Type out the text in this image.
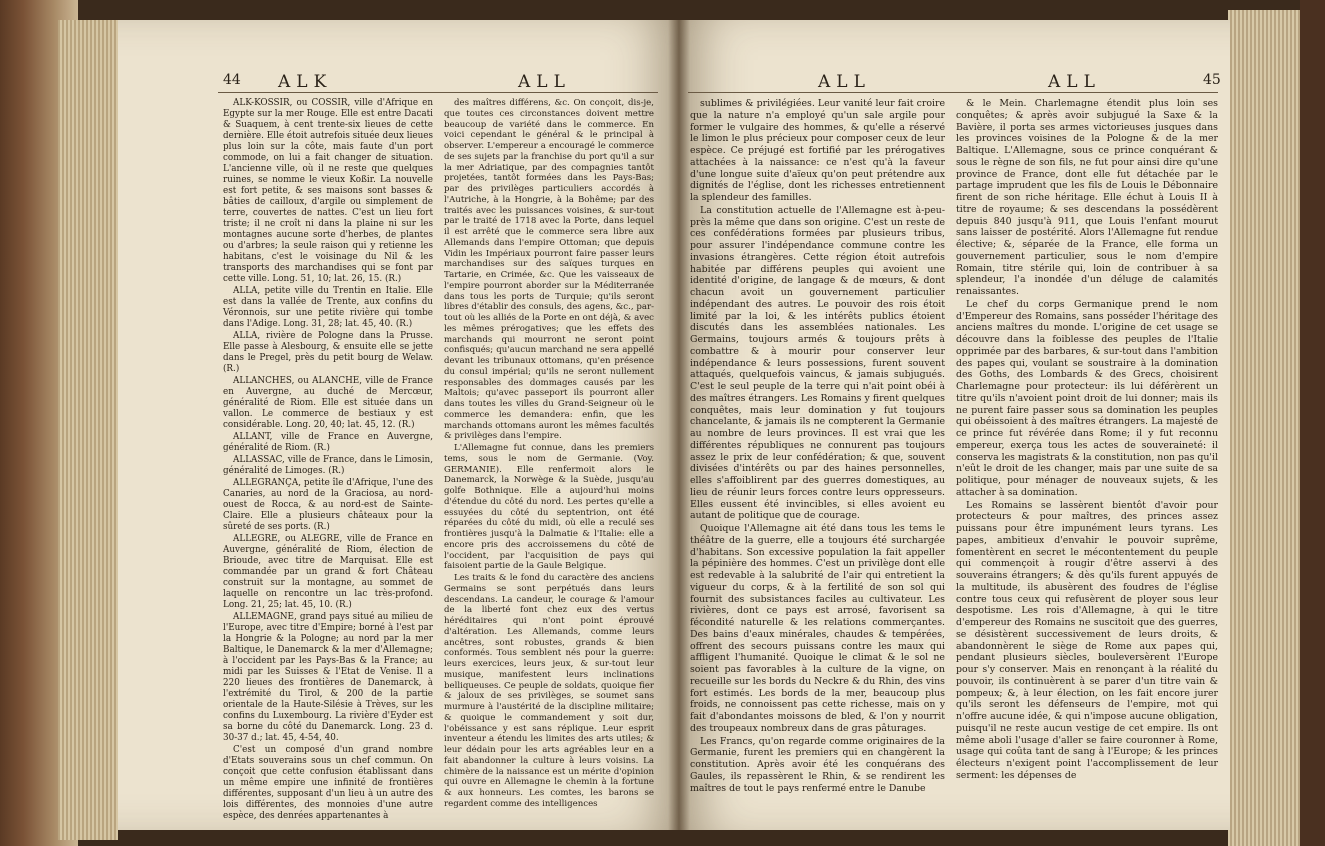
44 ALK	ALL

ALK-KOSSIR, ou COSSIR, ville d'Afrique en Egypte sur la mer Rouge. Elle est entre Dacati & Suaquem, à cent trente-six lieues de cette dernière. Elle étoit autrefois située deux lieues plus loin sur la côte, mais faute d'un port commode, on lui a fait changer de situation. L'ancienne ville, où il ne reste que quelques ruines, se nomme le vieux Koßir. La nouvelle est fort petite, & ses maisons sont basses & bâties de cailloux, d'argile ou simplement de terre, couvertes de nattes. C'est un lieu fort triste; il ne croît ni dans la plaine ni sur les montagnes aucune sorte d'herbes, de plantes ou d'arbres; la seule raison qui y retienne les habitans, c'est le voisinage du Nil & les transports des marchandises qui se font par cette ville. Long. 51, 10; lat. 26, 15. (R.)

ALLA, petite ville du Trentin en Italie. Elle est dans la vallée de Trente, aux confins du Véronnois, sur une petite rivière qui tombe dans l'Adige. Long. 31, 28; lat. 45, 40. (R.)

ALLA, rivière de Pologne dans la Prusse. Elle passe à Alesbourg, & ensuite elle se jette dans le Pregel, près du petit bourg de Welaw. (R.)

ALLANCHES, ou ALANCHE, ville de France en Auvergne, au duché de Mercœur, généralité de Riom. Elle est située dans un vallon. Le commerce de bestiaux y est considérable. Long. 20, 40; lat. 45, 12. (R.)

ALLANT, ville de France en Auvergne, généralité de Riom. (R.)

ALLASSAC, ville de France, dans le Limosin, généralité de Limoges. (R.)

ALLEGRANÇA, petite île d'Afrique, l'une des Canaries, au nord de la Graciosa, au nord-ouest de Rocca, & au nord-est de Sainte-Claire. Elle a plusieurs châteaux pour la sûreté de ses ports. (R.)

ALLEGRE, ou ALEGRE, ville de France en Auvergne, généralité de Riom, élection de Brioude, avec titre de Marquisat. Elle est commandée par un grand & fort Château construit sur la montagne, au sommet de laquelle on rencontre un lac très-profond. Long. 21, 25; lat. 45, 10. (R.)

ALLEMAGNE, grand pays situé au milieu de l'Europe, avec titre d'Empire; borné à l'est par la Hongrie & la Pologne; au nord par la mer Baltique, le Danemarck & la mer d'Allemagne; à l'occident par les Pays-Bas & la France; au midi par les Suisses & l'Etat de Venise. Il a 220 lieues des frontières de Danemarck, à l'extrémité du Tirol, & 200 de la partie orientale de la Haute-Silésie à Trèves, sur les confins du Luxembourg. La rivière d'Eyder est sa borne du côté du Danemarck. Long. 23 d. 30-37 d.; lat. 45, 4-54, 40.

C'est un composé d'un grand nombre d'Etats souverains sous un chef commun. On conçoit que cette confusion établissant dans un même empire une infinité de frontières différentes, supposant d'un lieu à un autre des lois différentes, des monnoies d'une autre espèce, des denrées appartenantes à

des maîtres différens, &c. On conçoit, dis-je, que toutes ces circonstances doivent mettre beaucoup de variété dans le commerce. En voici cependant le général & le principal à observer. L'empereur a encouragé le commerce de ses sujets par la franchise du port qu'il a sur la mer Adriatique, par des compagnies tantôt projetées, tantôt formées dans les Pays-Bas; par des privilèges particuliers accordés à l'Autriche, à la Hongrie, à la Bohême; par des traités avec les puissances voisines, & sur-tout par le traité de 1718 avec la Porte, dans lequel il est arrêté que le commerce sera libre aux Allemands dans l'empire Ottoman; que depuis Vidin les Impériaux pourront faire passer leurs marchandises sur des saïques turques en Tartarie, en Crimée, &c. Que les vaisseaux de l'empire pourront aborder sur la Méditerranée dans tous les ports de Turquie; qu'ils seront libres d'établir des consuls, des agens, &c., par-tout où les alliés de la Porte en ont déjà, & avec les mêmes prérogatives; que les effets des marchands qui mourront ne seront point confisqués; qu'aucun marchand ne sera appellé devant les tribunaux ottomans, qu'en présence du consul impérial; qu'ils ne seront nullement responsables des dommages causés par les Maltois; qu'avec passeport ils pourront aller dans toutes les villes du Grand-Seigneur où le commerce les demandera: enfin, que les marchands ottomans auront les mêmes facultés & privilèges dans l'empire.

L'Allemagne fut connue, dans les premiers tems, sous le nom de Germanie. (Voy. GERMANIE). Elle renfermoit alors le Danemarck, la Norwège & la Suède, jusqu'au golfe Bothnique. Elle a aujourd'hui moins d'étendue du côté du nord. Les pertes qu'elle a essuyées du côté du septentrion, ont été réparées du côté du midi, où elle a reculé ses frontières jusqu'à la Dalmatie & l'Italie: elle a encore pris des accroissemens du côté de l'occident, par l'acquisition de pays qui faisoient partie de la Gaule Belgique.

Les traits & le fond du caractère des anciens Germains se sont perpétués dans leurs descendans. La candeur, le courage & l'amour de la liberté font chez eux des vertus héréditaires qui n'ont point éprouvé d'altération. Les Allemands, comme leurs ancêtres, sont robustes, grands & bien conformés. Tous semblent nés pour la guerre: leurs exercices, leurs jeux, & sur-tout leur musique, manifestent leurs inclinations belliqueuses. Ce peuple de soldats, quoique fier & jaloux de ses privilèges, se soumet sans murmure à l'austérité de la discipline militaire; & quoique le commandement y soit dur, l'obéissance y est sans réplique. Leur esprit inventeur a étendu les limites des arts utiles; & leur dédain pour les arts agréables leur en a fait abandonner la culture à leurs voisins. La chimère de la naissance est un mérite d'opinion qui ouvre en Allemagne le chemin à la fortune & aux honneurs. Les comtes, les barons se regardent comme des intelligences

ALL	ALL	45

sublimes & privilégiées. Leur vanité leur fait croire que la nature n'a employé qu'un sale argile pour former le vulgaire des hommes, & qu'elle a réservé le limon le plus précieux pour composer ceux de leur espèce. Ce préjugé est fortifié par les prérogatives attachées à la naissance: ce n'est qu'à la faveur d'une longue suite d'aïeux qu'on peut prétendre aux dignités de l'église, dont les richesses entretiennent la splendeur des familles.

La constitution actuelle de l'Allemagne est à-peu-près la même que dans son origine. C'est un reste de ces confédérations formées par plusieurs tribus, pour assurer l'indépendance commune contre les invasions étrangères. Cette région étoit autrefois habitée par différens peuples qui avoient une identité d'origine, de langage & de mœurs, & dont chacun avoit un gouvernement particulier indépendant des autres. Le pouvoir des rois étoit limité par la loi, & les intérêts publics étoient discutés dans les assemblées nationales. Les Germains, toujours armés & toujours prêts à combattre & à mourir pour conserver leur indépendance & leurs possessions, furent souvent attaqués, quelquefois vaincus, & jamais subjugués. C'est le seul peuple de la terre qui n'ait point obéi à des maîtres étrangers. Les Romains y firent quelques conquêtes, mais leur domination y fut toujours chancelante, & jamais ils ne compterent la Germanie au nombre de leurs provinces. Il est vrai que les différentes républiques ne connurent pas toujours assez le prix de leur confédération; & que, souvent divisées d'intérêts ou par des haines personnelles, elles s'affoiblirent par des guerres domestiques, au lieu de réunir leurs forces contre leurs oppresseurs. Elles eussent été invincibles, si elles avoient eu autant de politique que de courage.

Quoique l'Allemagne ait été dans tous les tems le théâtre de la guerre, elle a toujours été surchargée d'habitans. Son excessive population la fait appeller la pépinière des hommes. C'est un privilège dont elle est redevable à la salubrité de l'air qui entretient la vigueur du corps, & à la fertilité de son sol qui fournit des subsistances faciles au cultivateur. Les rivières, dont ce pays est arrosé, favorisent sa fécondité naturelle & les relations commerçantes. Des bains d'eaux minérales, chaudes & tempérées, offrent des secours puissans contre les maux qui affligent l'humanité. Quoique le climat & le sol ne soient pas favorables à la culture de la vigne, on recueille sur les bords du Neckre & du Rhin, des vins fort estimés. Les bords de la mer, beaucoup plus froids, ne connoissent pas cette richesse, mais on y fait d'abondantes moissons de bled, & l'on y nourrit des troupeaux nombreux dans de gras pâturages.

Les Francs, qu'on regarde comme originaires de la Germanie, furent les premiers qui en changèrent la constitution. Après avoir été les conquérans des Gaules, ils repassèrent le Rhin, & se rendirent les maîtres de tout le pays renfermé entre le Danube

& le Mein. Charlemagne étendit plus loin ses conquêtes; & après avoir subjugué la Saxe & la Bavière, il porta ses armes victorieuses jusques dans les provinces voisines de la Pologne & de la mer Baltique. L'Allemagne, sous ce prince conquérant & sous le règne de son fils, ne fut pour ainsi dire qu'une province de France, dont elle fut détachée par le partage imprudent que les fils de Louis le Débonnaire firent de son riche héritage. Elle échut à Louis II à titre de royaume; & ses descendans la possédèrent depuis 840 jusqu'à 911, que Louis l'enfant mourut sans laisser de postérité. Alors l'Allemagne fut rendue élective; &, séparée de la France, elle forma un gouvernement particulier, sous le nom d'empire Romain, titre stérile qui, loin de contribuer à sa splendeur, l'a inondée d'un déluge de calamités renaissantes.

Le chef du corps Germanique prend le nom d'Empereur des Romains, sans posséder l'héritage des anciens maîtres du monde. L'origine de cet usage se découvre dans la foiblesse des peuples de l'Italie opprimée par des barbares, & sur-tout dans l'ambition des papes qui, voulant se soustraire à la domination des Goths, des Lombards & des Grecs, choisirent Charlemagne pour protecteur: ils lui déférèrent un titre qu'ils n'avoient point droit de lui donner; mais ils ne purent faire passer sous sa domination les peuples qui obéissoient à des maîtres étrangers. La majesté de ce prince fut révérée dans Rome; il y fut reconnu empereur, exerça tous les actes de souveraineté: il conserva les magistrats & la constitution, non pas qu'il n'eût le droit de les changer, mais par une suite de sa politique, pour ménager de nouveaux sujets, & les attacher à sa domination.

Les Romains se lassèrent bientôt d'avoir pour protecteurs & pour maîtres, des princes assez puissans pour être impunément leurs tyrans. Les papes, ambitieux d'envahir le pouvoir suprême, fomentèrent en secret le mécontentement du peuple qui commençoit à rougir d'être asservi à des souverains étrangers; & dès qu'ils furent appuyés de la multitude, ils abusèrent des foudres de l'église contre tous ceux qui refusèrent de ployer sous leur despotisme. Les rois d'Allemagne, à qui le titre d'empereur des Romains ne suscitoit que des guerres, se désistèrent successivement de leurs droits, & abandonnèrent le siège de Rome aux papes qui, pendant plusieurs siècles, bouleversèrent l'Europe pour s'y conserver. Mais en renonçant à la réalité du pouvoir, ils continuèrent à se parer d'un titre vain & pompeux; &, à leur élection, on les fait encore jurer qu'ils seront les défenseurs de l'empire, mot qui n'offre aucune idée, & qui n'impose aucune obligation, puisqu'il ne reste aucun vestige de cet empire. Ils ont même aboli l'usage d'aller se faire couronner à Rome, usage qui coûta tant de sang à l'Europe; & les princes électeurs n'exigent point l'accomplissement de leur serment: les dépenses de
